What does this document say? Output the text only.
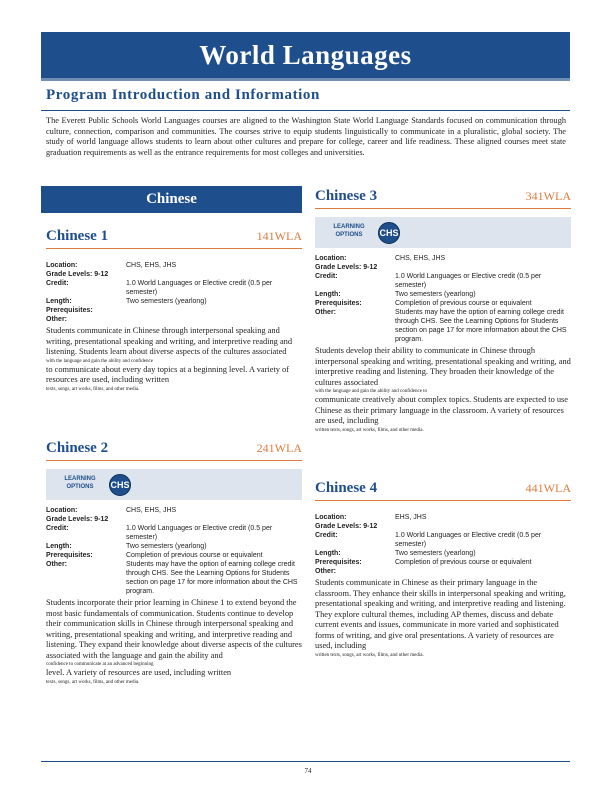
World Languages
Program Introduction and Information
The Everett Public Schools World Languages courses are aligned to the Washington State World Language Standards focused on communication through culture, connection, comparison and communities. The courses strive to equip students linguistically to communicate in a pluralistic, global society. The study of world language allows students to learn about other cultures and prepare for college, career and life readiness. These aligned courses meet state graduation requirements as well as the entrance requirements for most colleges and universities.
Chinese
Chinese 1	141WLA
Location:	CHS, EHS, JHS
Grade Levels: 9-12
Credit:	1.0 World Languages or Elective credit (0.5 per semester)
Length:	Two semesters (yearlong)
Prerequisites:
Other:
Students communicate in Chinese through interpersonal speaking and writing, presentational speaking and writing, and interpretive reading and listening. Students learn about diverse aspects of the cultures associated
with the language and gain the ability and confidence
to communicate about every day topics at a beginning level. A variety of resources are used, including written
texts, songs, art works, films, and other media.
Chinese 2	241WLA
LEARNING OPTIONS	CHS
Location:	CHS, EHS, JHS
Grade Levels: 9-12
Credit:	1.0 World Languages or Elective credit (0.5 per semester)
Length:	Two semesters (yearlong)
Prerequisites:	Completion of previous course or equivalent
Other:	Students may have the option of earning college credit through CHS. See the Learning Options for Students section on page 17 for more information about the CHS program.
Students incorporate their prior learning in Chinese 1 to extend beyond the most basic fundamentals of communication. Students continue to develop their communication skills in Chinese through interpersonal speaking and writing, presentational speaking and writing, and interpretive reading and listening. They expand their knowledge about diverse aspects of the cultures associated with the language and gain the ability and
confidence to communicate at an advanced beginning
level. A variety of resources are used, including written
texts, songs, art works, films, and other media.
Chinese 3	341WLA
LEARNING OPTIONS	CHS
Location:	CHS, EHS, JHS
Grade Levels: 9-12
Credit:	1.0 World Languages or Elective credit (0.5 per semester)
Length:	Two semesters (yearlong)
Prerequisites:	Completion of previous course or equivalent
Other:	Students may have the option of earning college credit through CHS. See the Learning Options for Students section on page 17 for more information about the CHS program.
Students develop their ability to communicate in Chinese through interpersonal speaking and writing, presentational speaking and writing, and interpretive reading and listening. They broaden their knowledge of the cultures associated
with the language and gain the ability and confidence to
communicate creatively about complex topics. Students are expected to use Chinese as their primary language in the classroom. A variety of resources are used, including
written texts, songs, art works, films, and other media.
Chinese 4	441WLA
Location:	EHS, JHS
Grade Levels: 9-12
Credit:	1.0 World Languages or Elective credit (0.5 per semester)
Length:	Two semesters (yearlong)
Prerequisites:	Completion of previous course or equivalent
Other:
Students communicate in Chinese as their primary language in the classroom. They enhance their skills in interpersonal speaking and writing, presentational speaking and writing, and interpretive reading and listening. They explore cultural themes, including AP themes, discuss and debate current events and issues, communicate in more varied and sophisticated forms of writing, and give oral presentations. A variety of resources are used, including
written texts, songs, art works, films, and other media.
74
